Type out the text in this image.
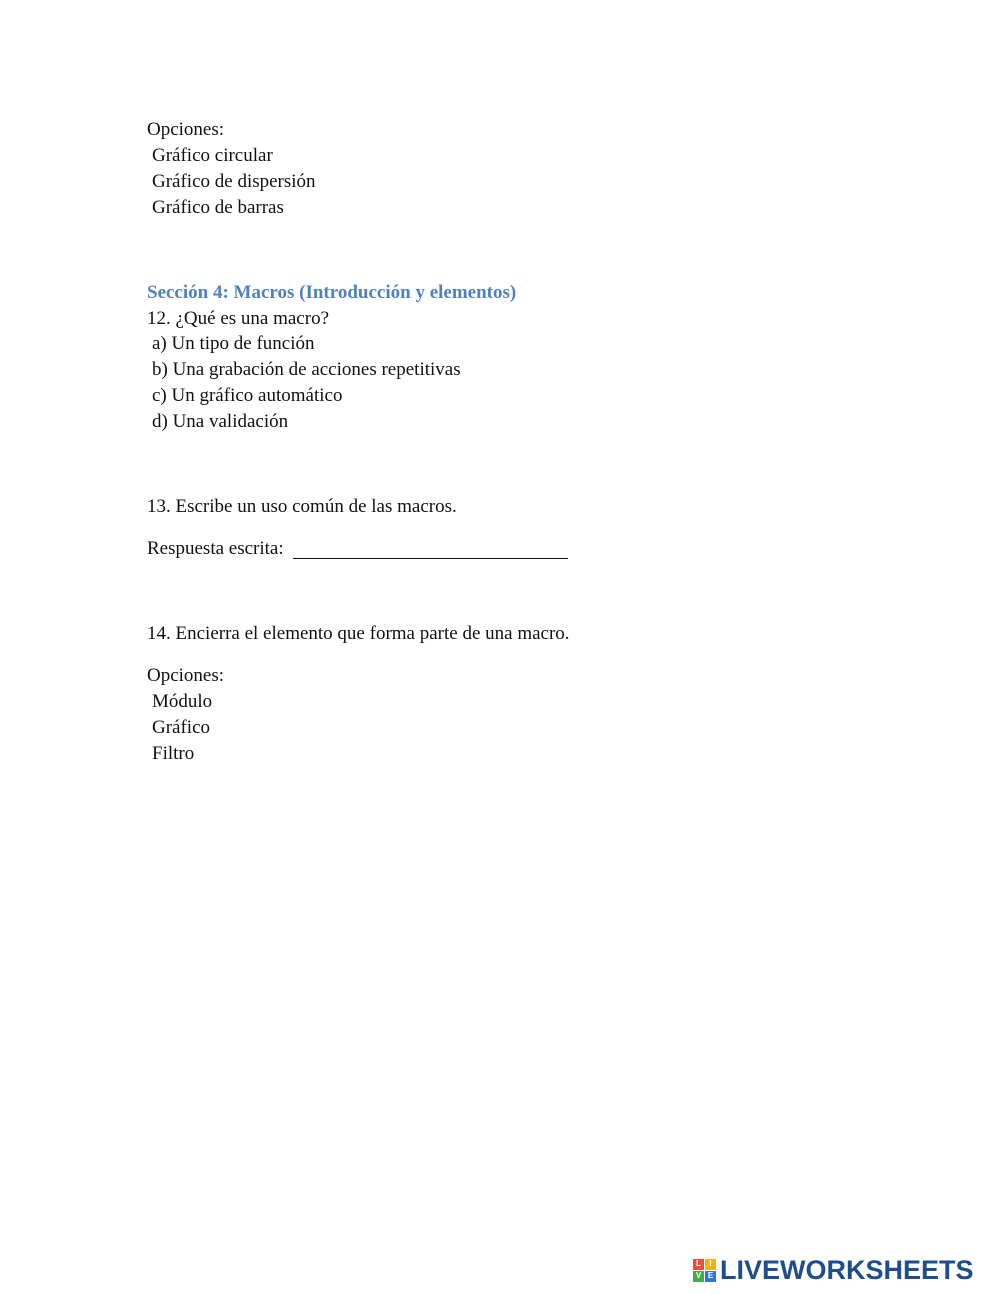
Opciones:
Gráfico circular
Gráfico de dispersión
Gráfico de barras
Sección 4: Macros (Introducción y elementos)
12. ¿Qué es una macro?
a) Un tipo de función
b) Una grabación de acciones repetitivas
c) Un gráfico automático
d) Una validación
13. Escribe un uso común de las macros.
Respuesta escrita:
14. Encierra el elemento que forma parte de una macro.
Opciones:
Módulo
Gráfico
Filtro
L	I
V E LIVEWORKSHEETS
